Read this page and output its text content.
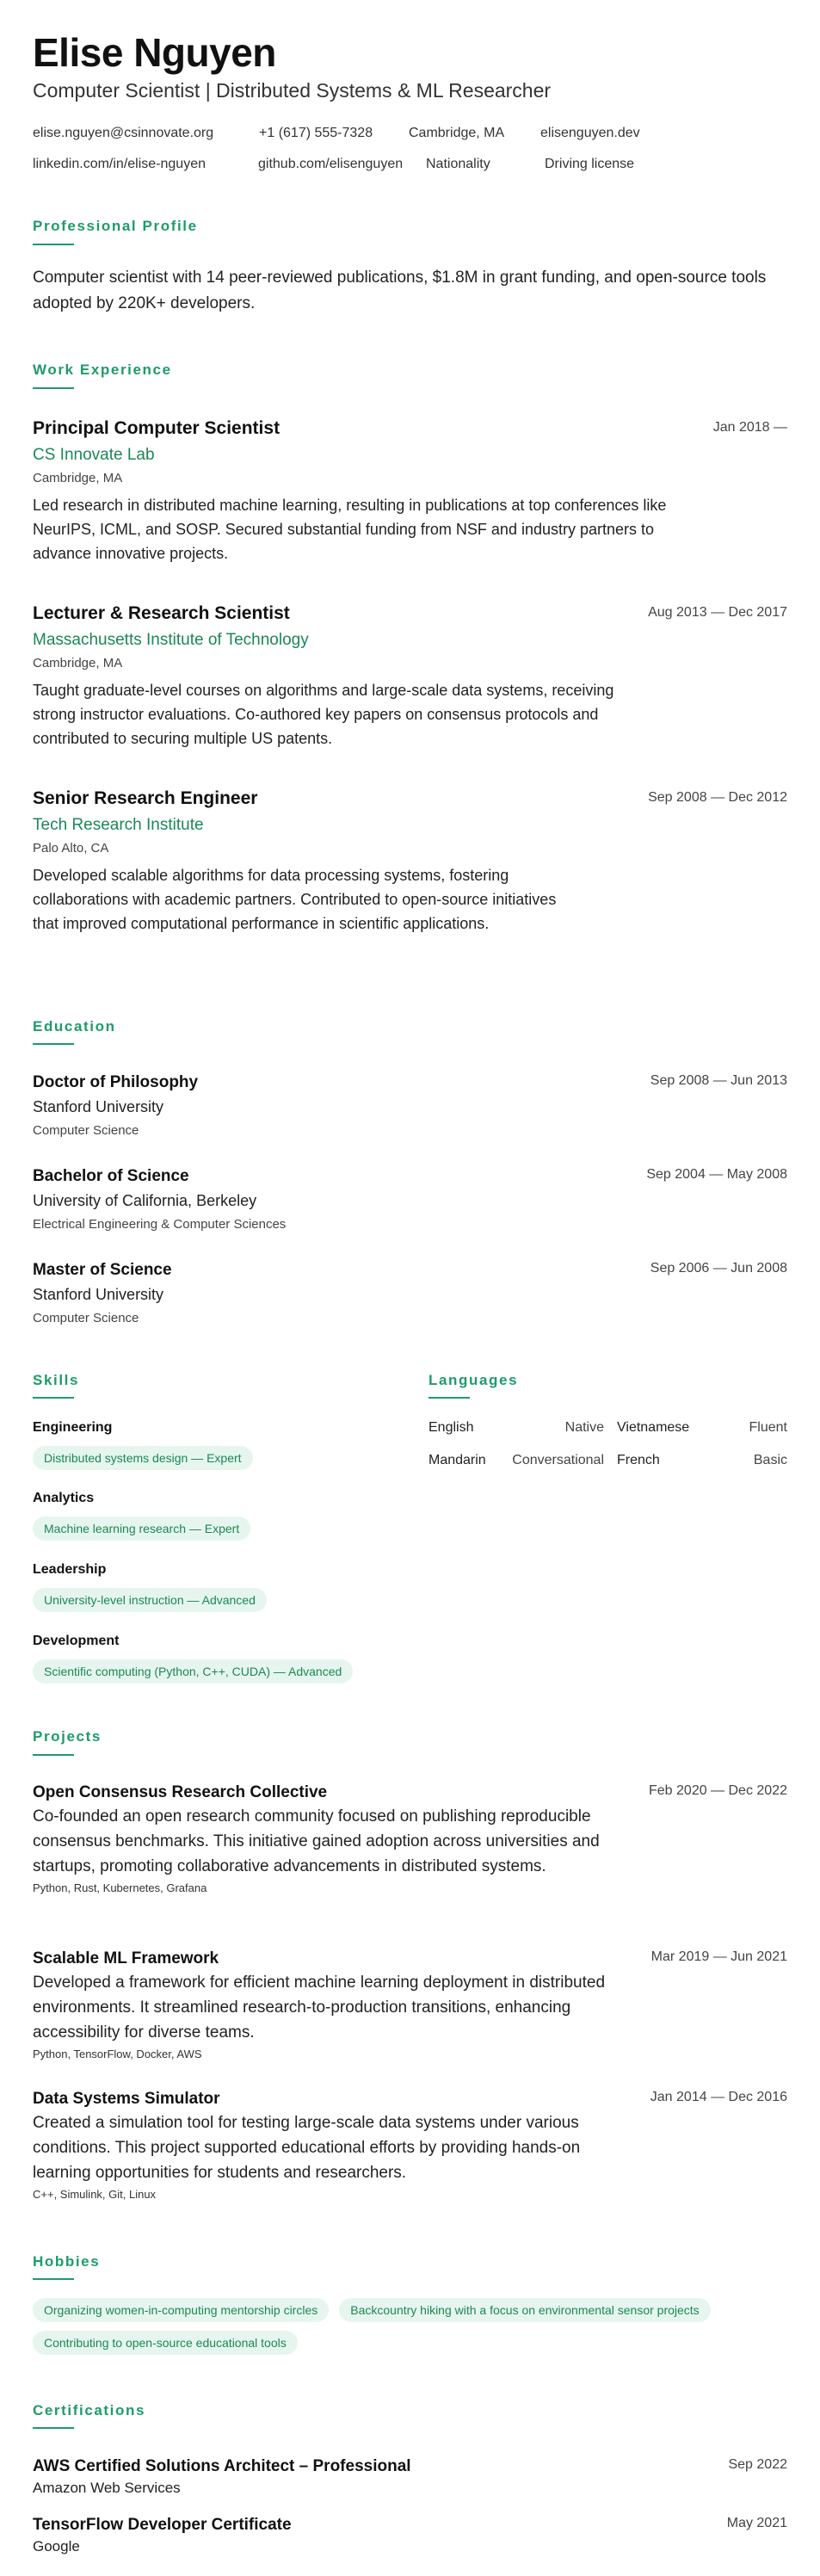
Elise Nguyen
Computer Scientist | Distributed Systems & ML Researcher
elise.nguyen@csinnovate.org	+1 (617) 555-7328	Cambridge, MA	elisenguyen.dev
linkedin.com/in/elise-nguyen	github.com/elisenguyen	Nationality	Driving license
Professional Profile
Computer scientist with 14 peer-reviewed publications, $1.8M in grant funding, and open-source tools adopted by 220K+ developers.
Work Experience
Principal Computer Scientist	Jan 2018 —
CS Innovate Lab
Cambridge, MA
Led research in distributed machine learning, resulting in publications at top conferences like NeurIPS, ICML, and SOSP. Secured substantial funding from NSF and industry partners to advance innovative projects.
Lecturer & Research Scientist	Aug 2013 — Dec 2017
Massachusetts Institute of Technology
Cambridge, MA
Taught graduate-level courses on algorithms and large-scale data systems, receiving strong instructor evaluations. Co-authored key papers on consensus protocols and contributed to securing multiple US patents.
Senior Research Engineer	Sep 2008 — Dec 2012
Tech Research Institute
Palo Alto, CA
Developed scalable algorithms for data processing systems, fostering collaborations with academic partners. Contributed to open-source initiatives that improved computational performance in scientific applications.
Education
Doctor of Philosophy	Sep 2008 — Jun 2013
Stanford University
Computer Science
Bachelor of Science	Sep 2004 — May 2008
University of California, Berkeley
Electrical Engineering & Computer Sciences
Master of Science	Sep 2006 — Jun 2008
Stanford University
Computer Science
Skills
Engineering
Distributed systems design — Expert
Analytics
Machine learning research — Expert
Leadership
University-level instruction — Advanced
Development
Scientific computing (Python, C++, CUDA) — Advanced
Languages
English	Native Vietnamese	Fluent
Mandarin	Conversational French	Basic
Projects
Open Consensus Research Collective	Feb 2020 — Dec 2022
Co-founded an open research community focused on publishing reproducible consensus benchmarks. This initiative gained adoption across universities and startups, promoting collaborative advancements in distributed systems.
Python, Rust, Kubernetes, Grafana
Scalable ML Framework	Mar 2019 — Jun 2021
Developed a framework for efficient machine learning deployment in distributed environments. It streamlined research-to-production transitions, enhancing accessibility for diverse teams.
Python, TensorFlow, Docker, AWS
Data Systems Simulator	Jan 2014 — Dec 2016
Created a simulation tool for testing large-scale data systems under various conditions. This project supported educational efforts by providing hands-on learning opportunities for students and researchers.
C++, Simulink, Git, Linux
Hobbies
Organizing women-in-computing mentorship circles	Backcountry hiking with a focus on environmental sensor projects
Contributing to open-source educational tools
Certifications
AWS Certified Solutions Architect – Professional	Sep 2022
Amazon Web Services
TensorFlow Developer Certificate	May 2021
Google
